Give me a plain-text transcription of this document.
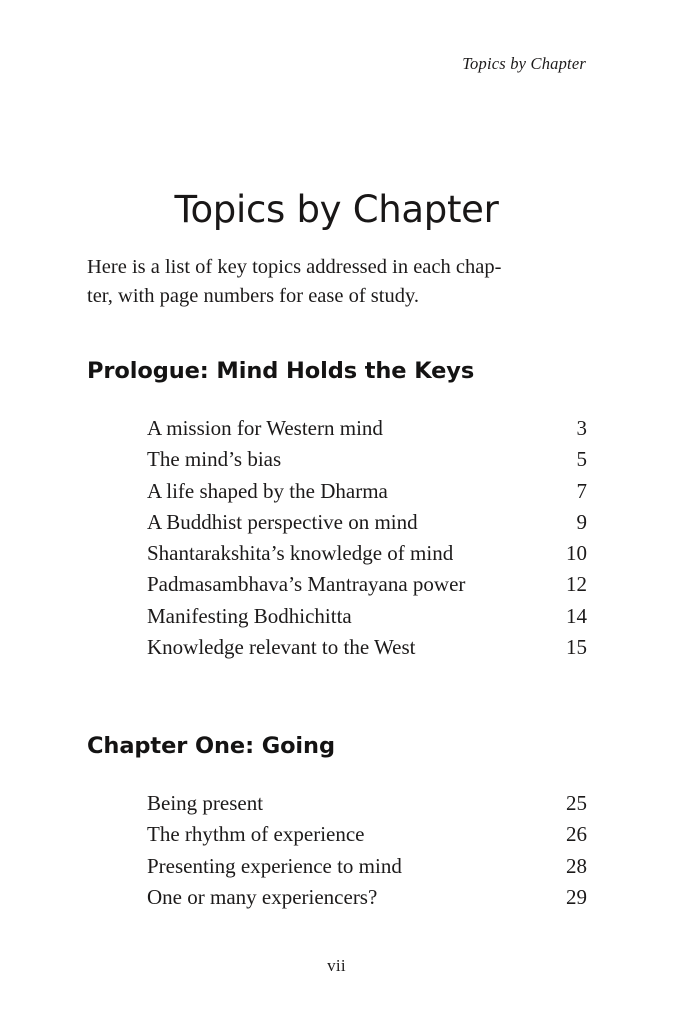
Topics by Chapter
Topics by Chapter

Here is a list of key topics addressed in each chap-
ter, with page numbers for ease of study.

Prologue: Mind Holds the Keys
A mission for Western mind	3
The mind’s bias	5
A life shaped by the Dharma	7
A Buddhist perspective on mind	9
Shantarakshita’s knowledge of mind	10
Padmasambhava’s Mantrayana power	12
Manifesting Bodhichitta	14
Knowledge relevant to the West	15
Chapter One: Going
Being present	25
The rhythm of experience	26
Presenting experience to mind	28
One or many experiencers?	29
vii
